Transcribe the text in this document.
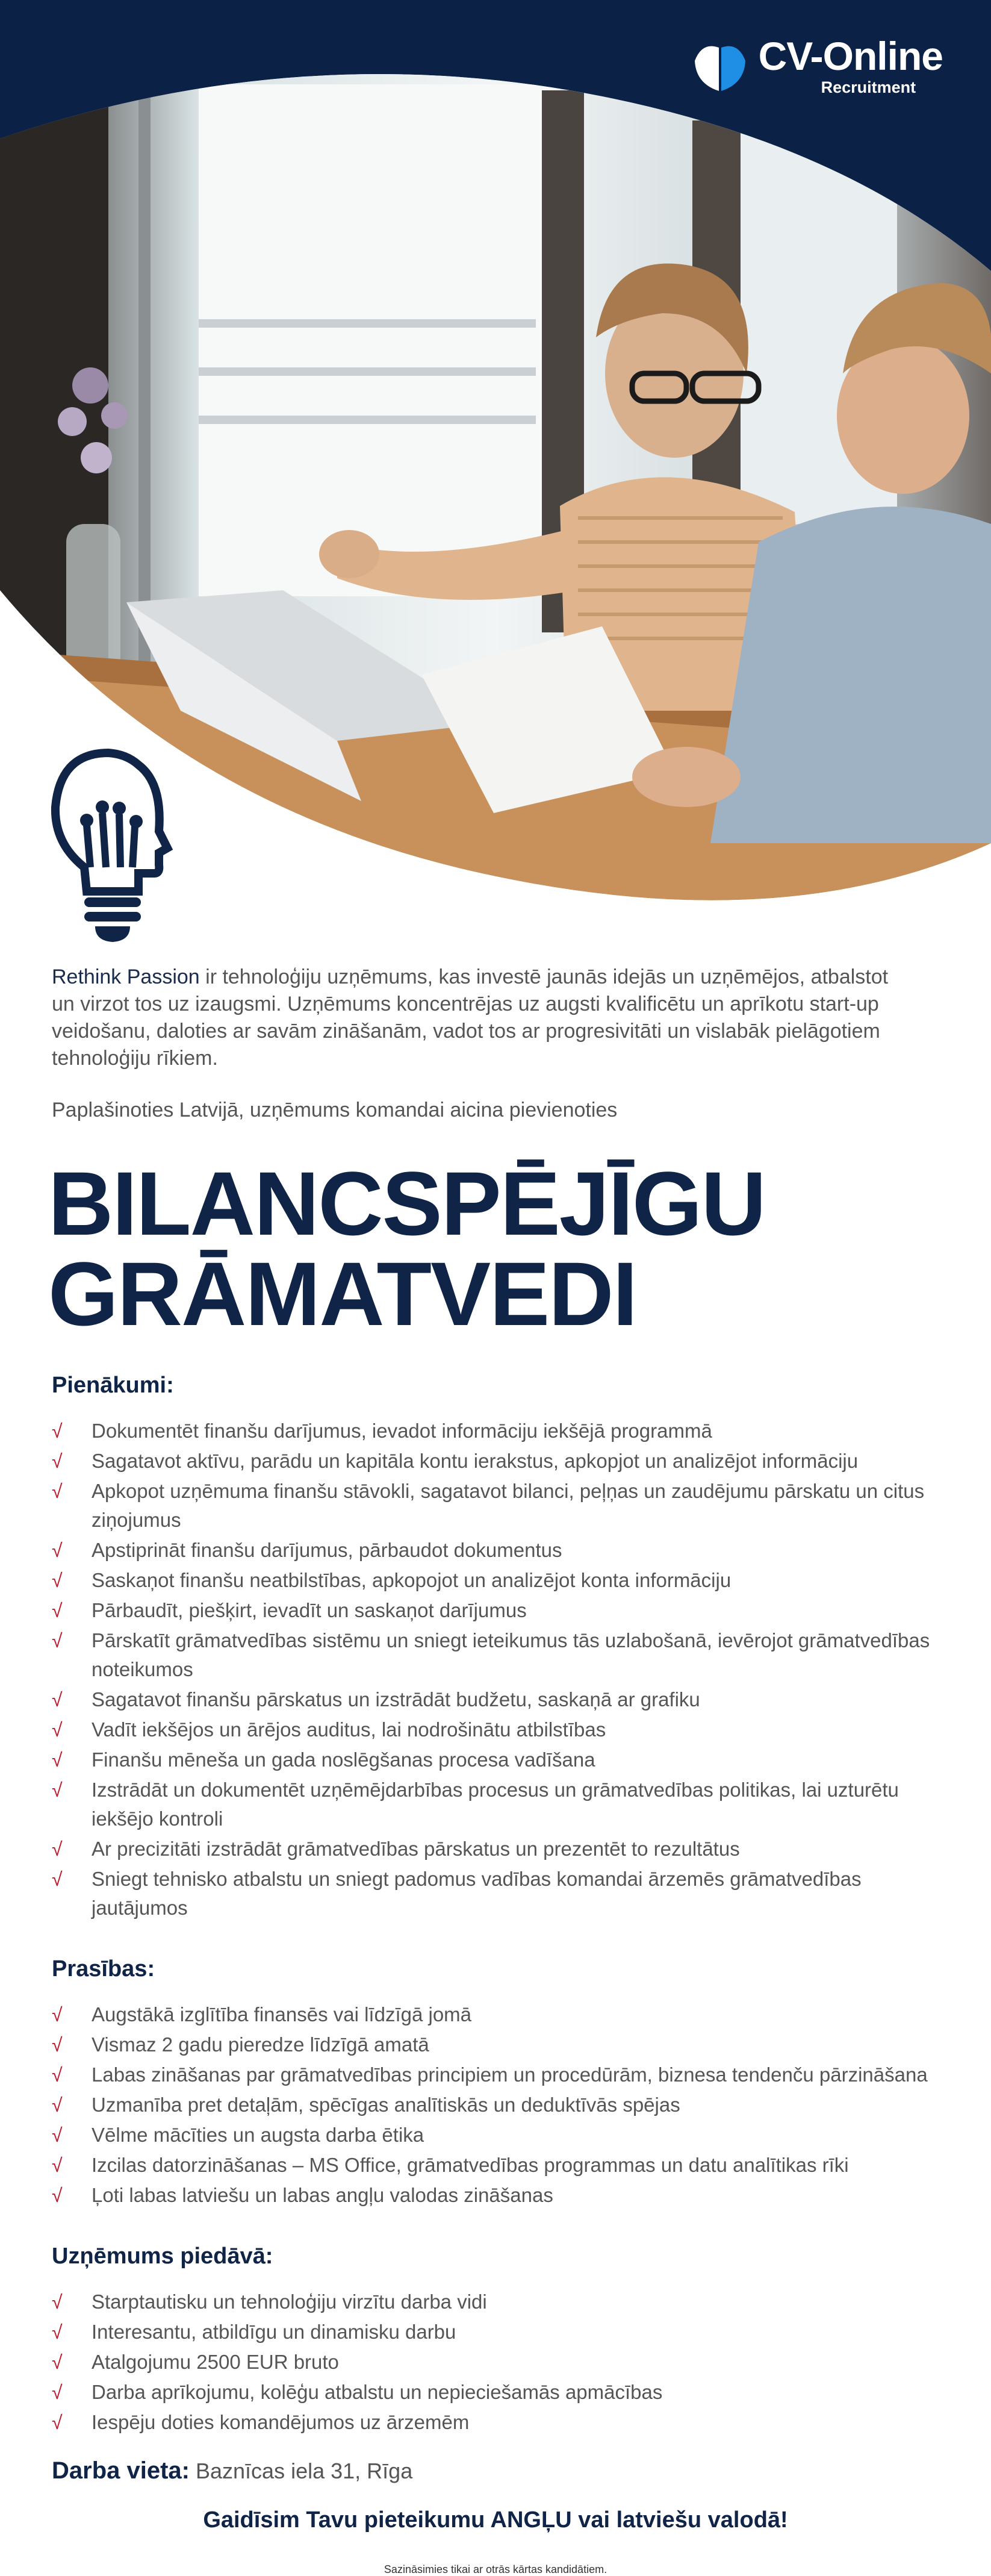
CV-Online
Recruitment

Rethink Passion ir tehnoloģiju uzņēmums, kas investē jaunās idejās un uzņēmējos, atbalstot un virzot tos uz izaugsmi. Uzņēmums koncentrējas uz augsti kvalificētu un aprīkotu start-up veidošanu, daloties ar savām zināšanām, vadot tos ar progresivitāti un vislabāk pielāgotiem tehnoloģiju rīkiem.

Paplašinoties Latvijā, uzņēmums komandai aicina pievienoties

BILANCSPĒJĪGU
GRĀMATVEDI
Pienākumi:
√ Dokumentēt finanšu darījumus, ievadot informāciju iekšējā programmā
√ Sagatavot aktīvu, parādu un kapitāla kontu ierakstus, apkopjot un analizējot informāciju
√ Apkopot uzņēmuma finanšu stāvokli, sagatavot bilanci, peļņas un zaudējumu pārskatu un citus ziņojumus
√ Apstiprināt finanšu darījumus, pārbaudot dokumentus
√ Saskaņot finanšu neatbilstības, apkopojot un analizējot konta informāciju
√ Pārbaudīt, piešķirt, ievadīt un saskaņot darījumus
√ Pārskatīt grāmatvedības sistēmu un sniegt ieteikumus tās uzlabošanā, ievērojot grāmatvedības noteikumos
√ Sagatavot finanšu pārskatus un izstrādāt budžetu, saskaņā ar grafiku
√ Vadīt iekšējos un ārējos auditus, lai nodrošinātu atbilstības
√ Finanšu mēneša un gada noslēgšanas procesa vadīšana
√ Izstrādāt un dokumentēt uzņēmējdarbības procesus un grāmatvedības politikas, lai uzturētu iekšējo kontroli
√ Ar precizitāti izstrādāt grāmatvedības pārskatus un prezentēt to rezultātus
√ Sniegt tehnisko atbalstu un sniegt padomus vadības komandai ārzemēs grāmatvedības jautājumos
Prasības:
√ Augstākā izglītība finansēs vai līdzīgā jomā
√ Vismaz 2 gadu pieredze līdzīgā amatā
√ Labas zināšanas par grāmatvedības principiem un procedūrām, biznesa tendenču pārzināšana
√ Uzmanība pret detaļām, spēcīgas analītiskās un deduktīvās spējas
√ Vēlme mācīties un augsta darba ētika
√ Izcilas datorzināšanas – MS Office, grāmatvedības programmas un datu analītikas rīki
√ Ļoti labas latviešu un labas angļu valodas zināšanas
Uzņēmums piedāvā:
√ Starptautisku un tehnoloģiju virzītu darba vidi
√ Interesantu, atbildīgu un dinamisku darbu
√ Atalgojumu 2500 EUR bruto
√ Darba aprīkojumu, kolēģu atbalstu un nepieciešamās apmācības
√ Iespēju doties komandējumos uz ārzemēm
Darba vieta: Baznīcas iela 31, Rīga
Gaidīsim Tavu pieteikumu ANGĻU vai latviešu valodā!
Sazināsimies tikai ar otrās kārtas kandidātiem.
